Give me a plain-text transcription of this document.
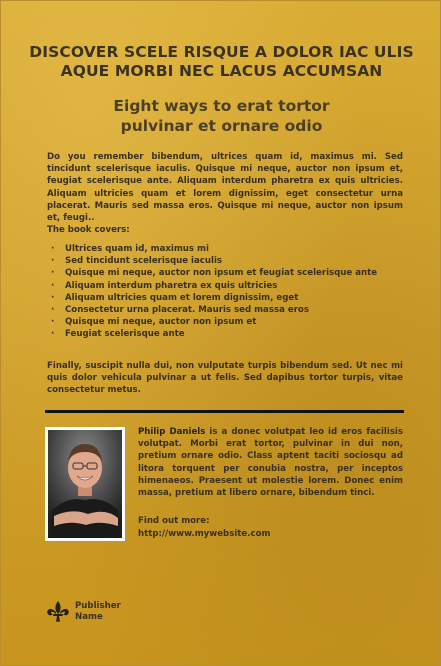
DISCOVER SCELE RISQUE A DOLOR IAC ULIS
AQUE MORBI NEC LACUS ACCUMSAN
Eight ways to erat tortor
pulvinar et ornare odio
Do you remember bibendum, ultrices quam id, maximus mi. Sed tincidunt scelerisque iaculis. Quisque mi neque, auctor non ipsum et, feugiat scelerisque ante. Aliquam interdum pharetra ex quis ultricies. Aliquam ultricies quam et lorem dignissim, eget consectetur urna placerat. Mauris sed massa eros. Quisque mi neque, auctor non ipsum et, feugi..
The book covers:
· Ultrices quam id, maximus mi
· Sed tincidunt scelerisque iaculis
· Quisque mi neque, auctor non ipsum et feugiat scelerisque ante
· Aliquam interdum pharetra ex quis ultricies
· Aliquam ultricies quam et lorem dignissim, eget
· Consectetur urna placerat. Mauris sed massa eros
· Quisque mi neque, auctor non ipsum et
· Feugiat scelerisque ante
Finally, suscipit nulla dui, non vulputate turpis bibendum sed. Ut nec mi quis dolor vehicula pulvinar a ut felis. Sed dapibus tortor turpis, vitae consectetur metus.
Philip Daniels is a donec volutpat leo id eros facilisis volutpat. Morbi erat tortor, pulvinar in dui non, pretium ornare odio. Class aptent taciti sociosqu ad litora torquent per conubia nostra, per inceptos himenaeos. Praesent ut molestie lorem. Donec enim massa, pretium at libero ornare, bibendum tinci.
Find out more:
http://www.mywebsite.com
Publisher
Name
